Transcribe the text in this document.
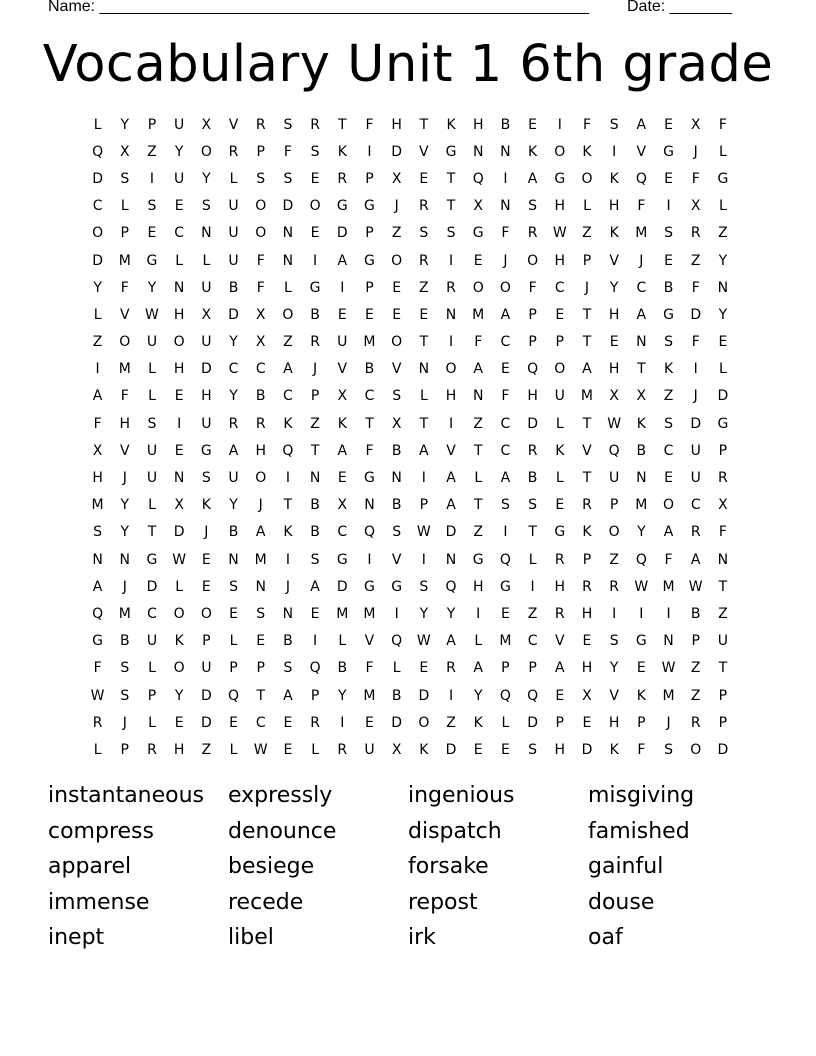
Name: _______________________________________________________ Date: _______
Vocabulary Unit 1 6th grade
L	Y	P	U	X	V	R	S	R	T	F	H	T	K	H	B	E	I	F	S	A	E	X	F
Q	X	Z	Y	O	R	P	F	S	K	I	D	V	G	N	N	K	O	K	I	V	G	J	L
D	S	I	U	Y	L	S	S	E	R	P	X	E	T	Q	I	A	G	O	K	Q	E	F	G
C	L	S	E	S	U	O	D	O	G	G	J	R	T	X	N	S	H	L	H	F	I	X	L
O	P	E	C	N	U	O	N	E	D	P	Z	S	S	G	F	R	W	Z	K	M	S	R	Z
D	M	G	L	L	U	F	N	I	A	G	O	R	I	E	J	O	H	P	V	J	E	Z	Y
Y	F	Y	N	U	B	F	L	G	I	P	E	Z	R	O	O	F	C	J	Y	C	B	F	N
L	V	W	H	X	D	X	O	B	E	E	E	E	N	M	A	P	E	T	H	A	G	D	Y
Z	O	U	O	U	Y	X	Z	R	U	M	O	T	I	F	C	P	P	T	E	N	S	F	E
I	M	L	H	D	C	C	A	J	V	B	V	N	O	A	E	Q	O	A	H	T	K	I	L
A	F	L	E	H	Y	B	C	P	X	C	S	L	H	N	F	H	U	M	X	X	Z	J	D
F	H	S	I	U	R	R	K	Z	K	T	X	T	I	Z	C	D	L	T	W	K	S	D	G
X	V	U	E	G	A	H	Q	T	A	F	B	A	V	T	C	R	K	V	Q	B	C	U	P
H	J	U	N	S	U	O	I	N	E	G	N	I	A	L	A	B	L	T	U	N	E	U	R
M	Y	L	X	K	Y	J	T	B	X	N	B	P	A	T	S	S	E	R	P	M	O	C	X
S	Y	T	D	J	B	A	K	B	C	Q	S	W	D	Z	I	T	G	K	O	Y	A	R	F
N	N	G	W	E	N	M	I	S	G	I	V	I	N	G	Q	L	R	P	Z	Q	F	A	N
A	J	D	L	E	S	N	J	A	D	G	G	S	Q	H	G	I	H	R	R	W	M	W	T
Q	M	C	O	O	E	S	N	E	M	M	I	Y	Y	I	E	Z	R	H	I	I	I	B	Z
G	B	U	K	P	L	E	B	I	L	V	Q	W	A	L	M	C	V	E	S	G	N	P	U
F	S	L	O	U	P	P	S	Q	B	F	L	E	R	A	P	P	A	H	Y	E	W	Z	T
W	S	P	Y	D	Q	T	A	P	Y	M	B	D	I	Y	Q	Q	E	X	V	K	M	Z	P
R	J	L	E	D	E	C	E	R	I	E	D	O	Z	K	L	D	P	E	H	P	J	R	P
L	P	R	H	Z	L	W	E	L	R	U	X	K	D	E	E	S	H	D	K	F	S	O	D
instantaneous	expressly	ingenious	misgiving
compress	denounce	dispatch	famished
apparel	besiege	forsake	gainful
immense	recede	repost	douse
inept	libel	irk	oaf
